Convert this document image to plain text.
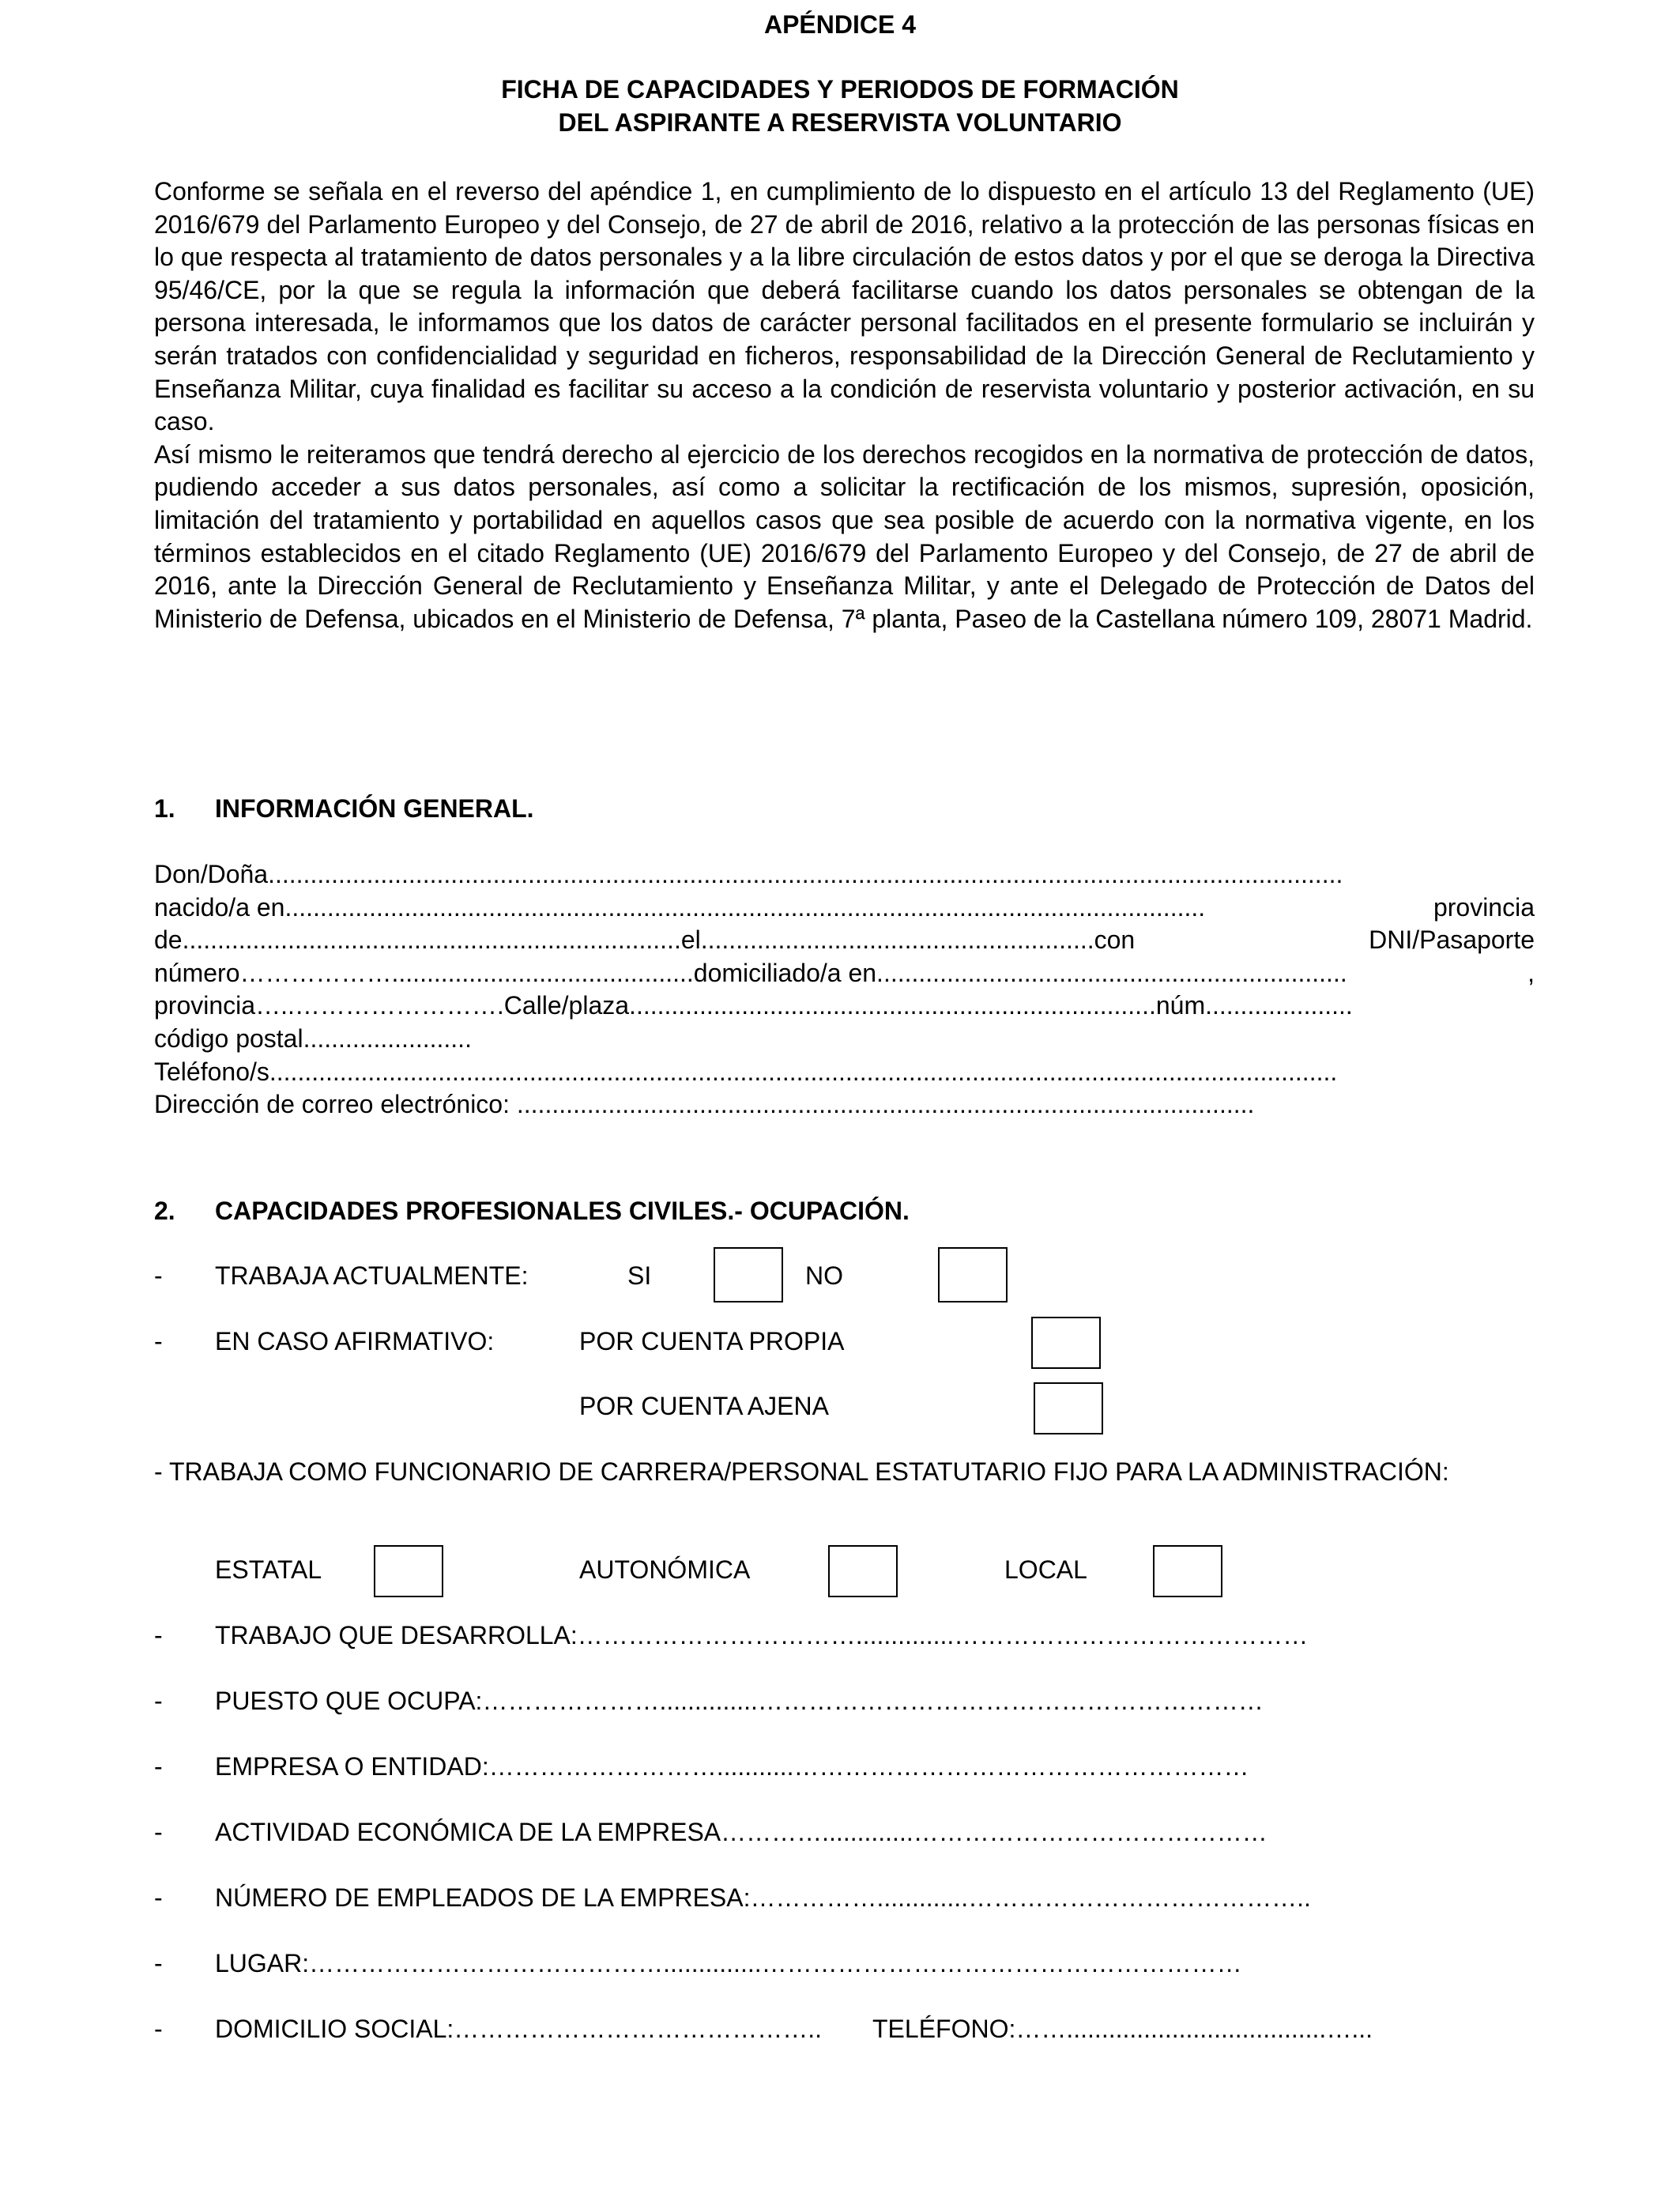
APÉNDICE 4
FICHA DE CAPACIDADES Y PERIODOS DE FORMACIÓN
DEL ASPIRANTE A RESERVISTA VOLUNTARIO

Conforme se señala en el reverso del apéndice 1, en cumplimiento de lo dispuesto en el artículo 13 del Reglamento (UE) 2016/679 del Parlamento Europeo y del Consejo, de 27 de abril de 2016, relativo a la protección de las personas físicas en lo que respecta al tratamiento de datos personales y a la libre circulación de estos datos y por el que se deroga la Directiva 95/46/CE, por la que se regula la información que deberá facilitarse cuando los datos personales se obtengan de la persona interesada, le informamos que los datos de carácter personal facilitados en el presente formulario se incluirán y serán tratados con confidencialidad y seguridad en ficheros, responsabilidad de la Dirección General de Reclutamiento y Enseñanza Militar, cuya finalidad es facilitar su acceso a la condición de reservista voluntario y posterior activación, en su caso.

Así mismo le reiteramos que tendrá derecho al ejercicio de los derechos recogidos en la normativa de protección de datos, pudiendo acceder a sus datos personales, así como a solicitar la rectificación de los mismos, supresión, oposición, limitación del tratamiento y portabilidad en aquellos casos que sea posible de acuerdo con la normativa vigente, en los términos establecidos en el citado Reglamento (UE) 2016/679 del Parlamento Europeo y del Consejo, de 27 de abril de 2016, ante la Dirección General de Reclutamiento y Enseñanza Militar, y ante el Delegado de Protección de Datos del Ministerio de Defensa, ubicados en el Ministerio de Defensa, 7ª planta, Paseo de la Castellana número 109, 28071 Madrid.

1. INFORMACIÓN GENERAL.
Don/Doña.........................................................................................................................................................
nacido/a en...................................................................................................................................	provincia
de.......................................................................el........................................................con	DNI/Pasaporte
número………………...........................................domiciliado/a en...................................................................	,
provincia…..…………………….Calle/plaza...........................................................................núm.....................
código postal........................
Teléfono/s........................................................................................................................................................
Dirección de correo electrónico: .........................................................................................................
2. CAPACIDADES PROFESIONALES CIVILES.- OCUPACIÓN.
- TRABAJA ACTUALMENTE:	SI	NO
- EN CASO AFIRMATIVO:	POR CUENTA PROPIA
POR CUENTA AJENA
- TRABAJA COMO FUNCIONARIO DE CARRERA/PERSONAL ESTATUTARIO FIJO PARA LA ADMINISTRACIÓN:
ESTATAL	AUTONÓMICA	LOCAL
- TRABAJO QUE DESARROLLA:……………………………..............……………………………………
- PUESTO QUE OCUPA:…………………..............……………………………………………………
- EMPRESA O ENTIDAD:………………………...........………………………………………………
- ACTIVIDAD ECONÓMICA DE LA EMPRESA………….............……………………………………
- NÚMERO DE EMPLEADOS DE LA EMPRESA:…………….............…………………………………..
- LUGAR:……………………………………..............…………………………………………………
- DOMICILIO SOCIAL:…………………………………….. TELÉFONO:…….....................................…...
